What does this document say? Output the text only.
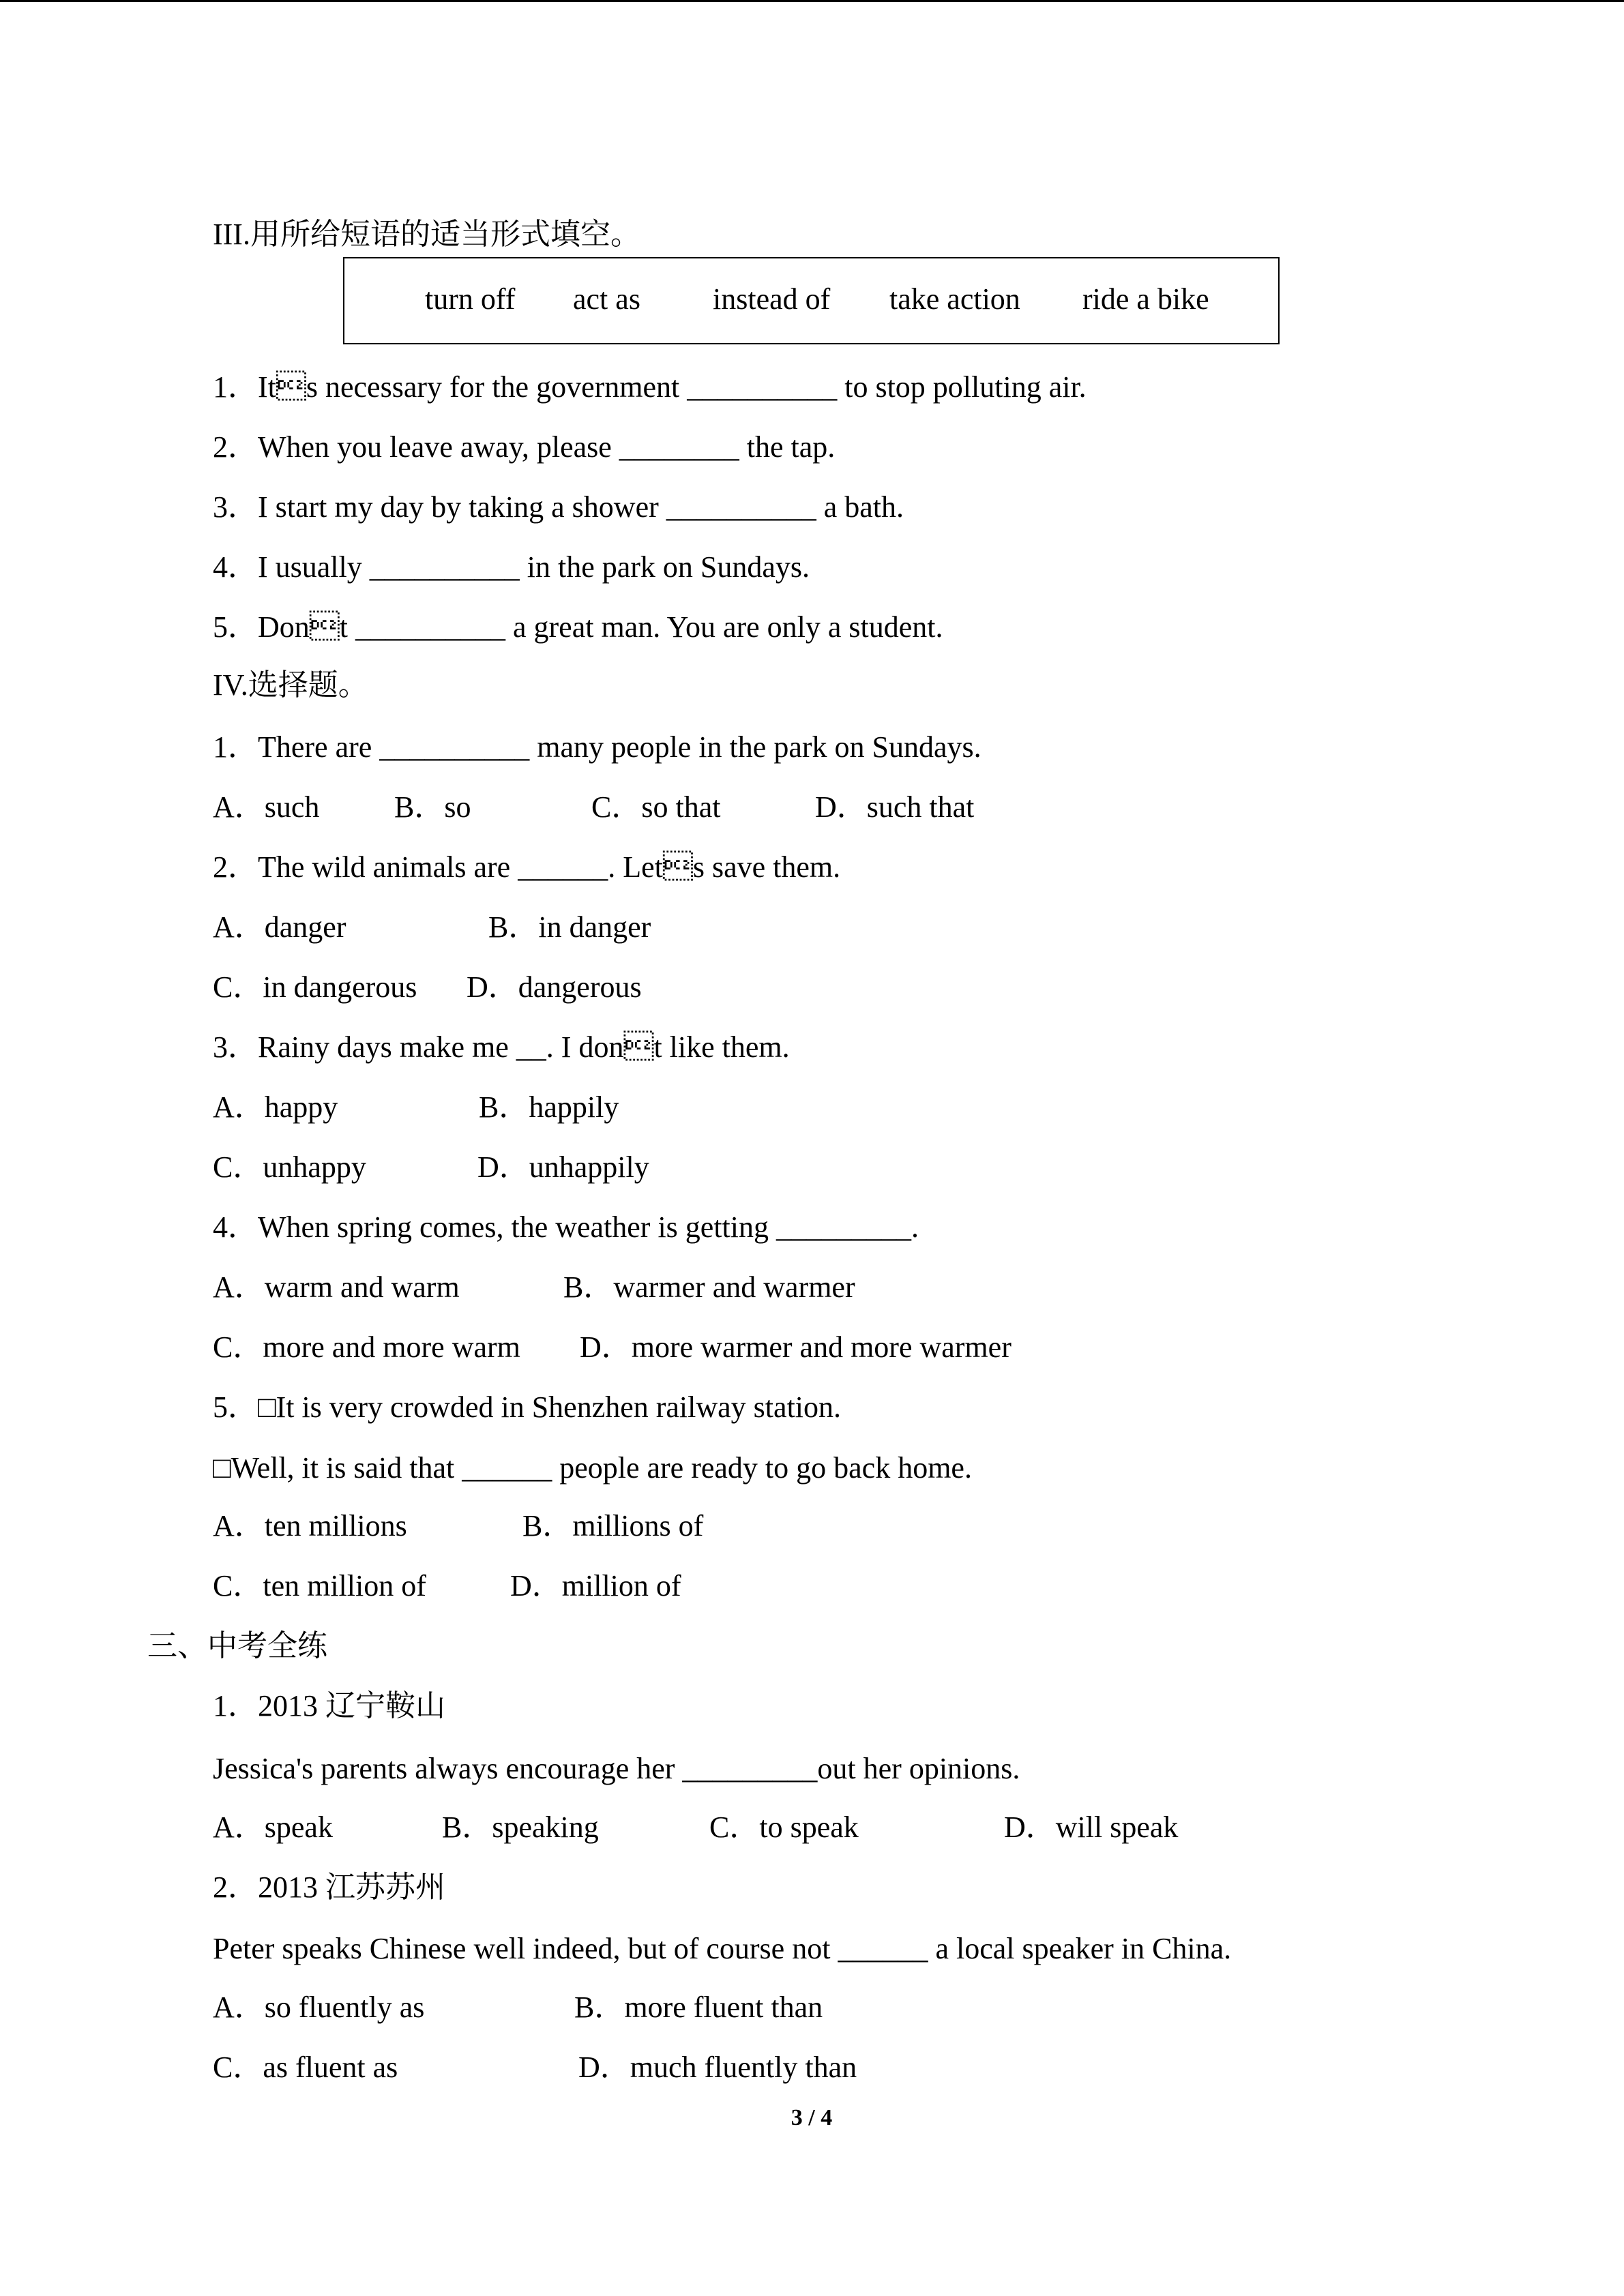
III.用所给短语的适当形式填空。
turn off act as instead of take action ride a bike
1．Its necessary for the government __________ to stop polluting air.
2．When you leave away, please ________ the tap.
3．I start my day by taking a shower __________ a bath.
4．I usually __________ in the park on Sundays.
5．Dont __________ a great man. You are only a student.
IV.选择题。
1．There are __________ many people in the park on Sundays.
A．such B．so	C．so that	D．such that
2．The wild animals are ______. Lets save them.
A．danger	B．in danger
C．in dangerous D．dangerous
3．Rainy days make me __. I dont like them.
A．happy	B．happily
C．unhappy	D．unhappily
4．When spring comes, the weather is getting _________.
A．warm and warm	B．warmer and warmer
C．more and more warm D．more warmer and more warmer
5．□It is very crowded in Shenzhen railway station.
□Well, it is said that ______ people are ready to go back home.
A．ten millions	B．millions of
C．ten million of	D．million of
三、中考全练
1．2013 辽宁鞍山
Jessica's parents always encourage her _________out her opinions.
A．speak	B．speaking	C．to speak	D．will speak
2．2013 江苏苏州
Peter speaks Chinese well indeed, but of course not ______ a local speaker in China.
A．so fluently as	B．more fluent than
C．as fluent as	D．much fluently than
3 / 4
